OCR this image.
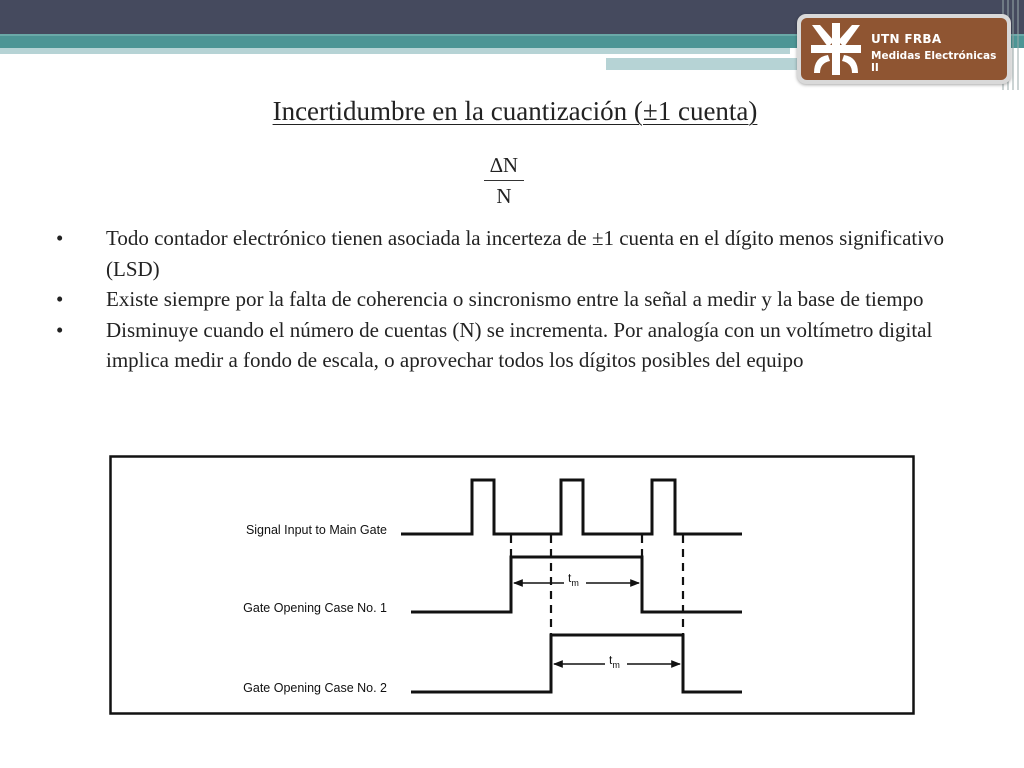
UTN FRBA
Medidas Electrónicas II
Incertidumbre en la cuantización (±1 cuenta)
∆N
N

• Todo contador electrónico tienen asociada la incerteza de ±1 cuenta en el dígito menos significativo (LSD)

• Existe siempre por la falta de coherencia o sincronismo entre la señal a medir y la base de tiempo

• Disminuye cuando el número de cuentas (N) se incrementa. Por analogía con un voltímetro digital implica medir a fondo de escala, o aprovechar todos los dígitos posibles del equipo

Signal Input to Main Gate
Gate Opening Case No. 1
Gate Opening Case No. 2
$t_m$
$t_m$
